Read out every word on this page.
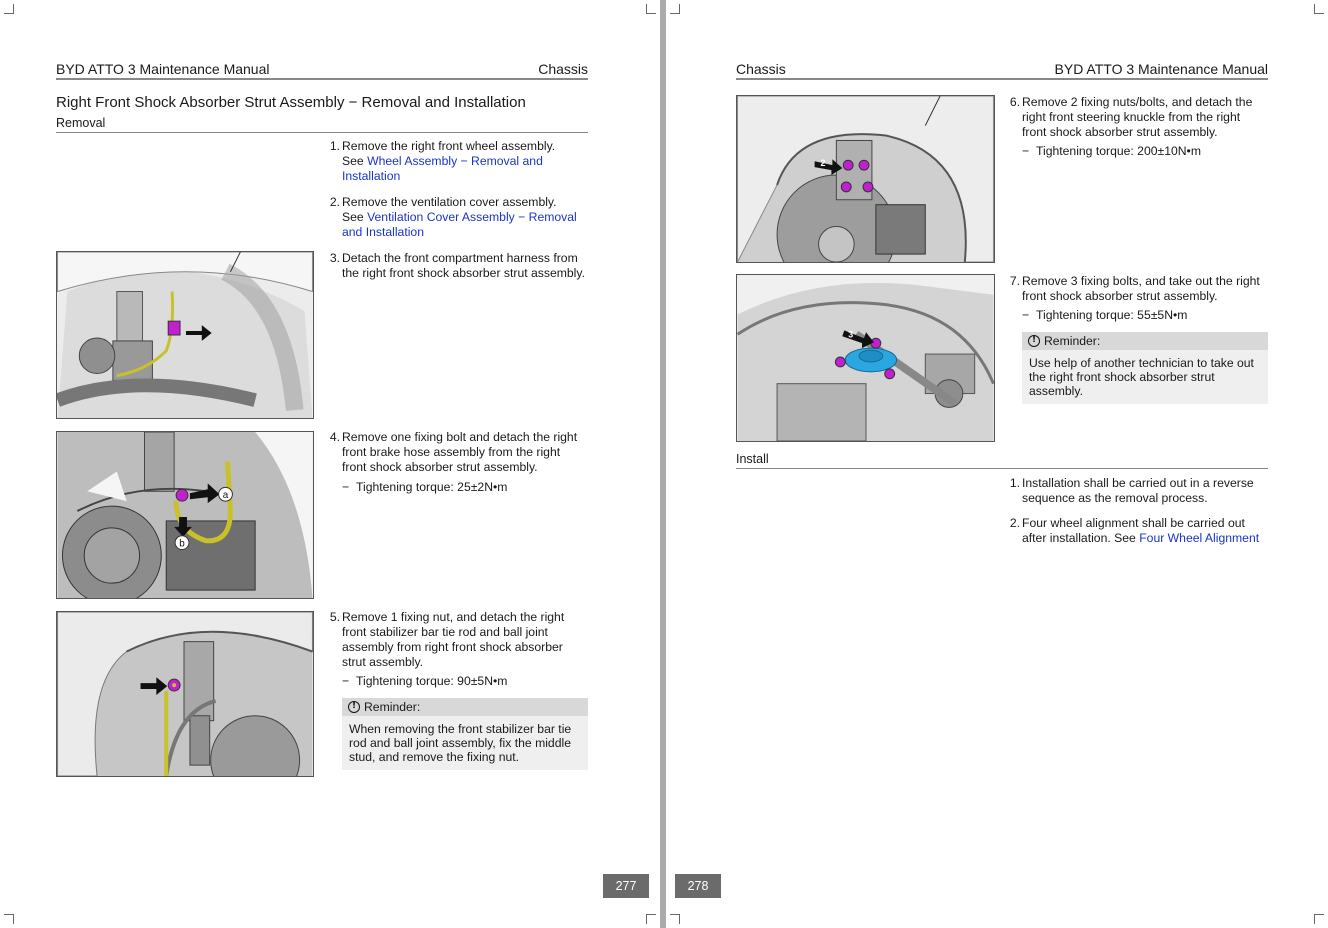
BYD ATTO 3 Maintenance Manual	Chassis
Right Front Shock Absorber Strut Assembly − Removal and Installation
Removal
1. Remove the right front wheel assembly.
See Wheel Assembly − Removal and Installation
2. Remove the ventilation cover assembly.
See Ventilation Cover Assembly − Removal and Installation
3. Detach the front compartment harness from the right front shock absorber strut assembly.
4. Remove one fixing bolt and detach the right front brake hose assembly from the right front shock absorber strut assembly.
− Tightening torque: 25±2N•m
5. Remove 1 fixing nut, and detach the right front stabilizer bar tie rod and ball joint assembly from right front shock absorber strut assembly.
− Tightening torque: 90±5N•m
! Reminder:
When removing the front stabilizer bar tie rod and ball joint assembly, fix the middle stud, and remove the fixing nut.
a
b
277
Chassis	BYD ATTO 3 Maintenance Manual
2
3
6. Remove 2 fixing nuts/bolts, and detach the right front steering knuckle from the right front shock absorber strut assembly.
− Tightening torque: 200±10N•m
7. Remove 3 fixing bolts, and take out the right front shock absorber strut assembly.
− Tightening torque: 55±5N•m
! Reminder:
Use help of another technician to take out the right front shock absorber strut assembly.
Install
1. Installation shall be carried out in a reverse sequence as the removal process.
2. Four wheel alignment shall be carried out after installation. See Four Wheel Alignment
278
